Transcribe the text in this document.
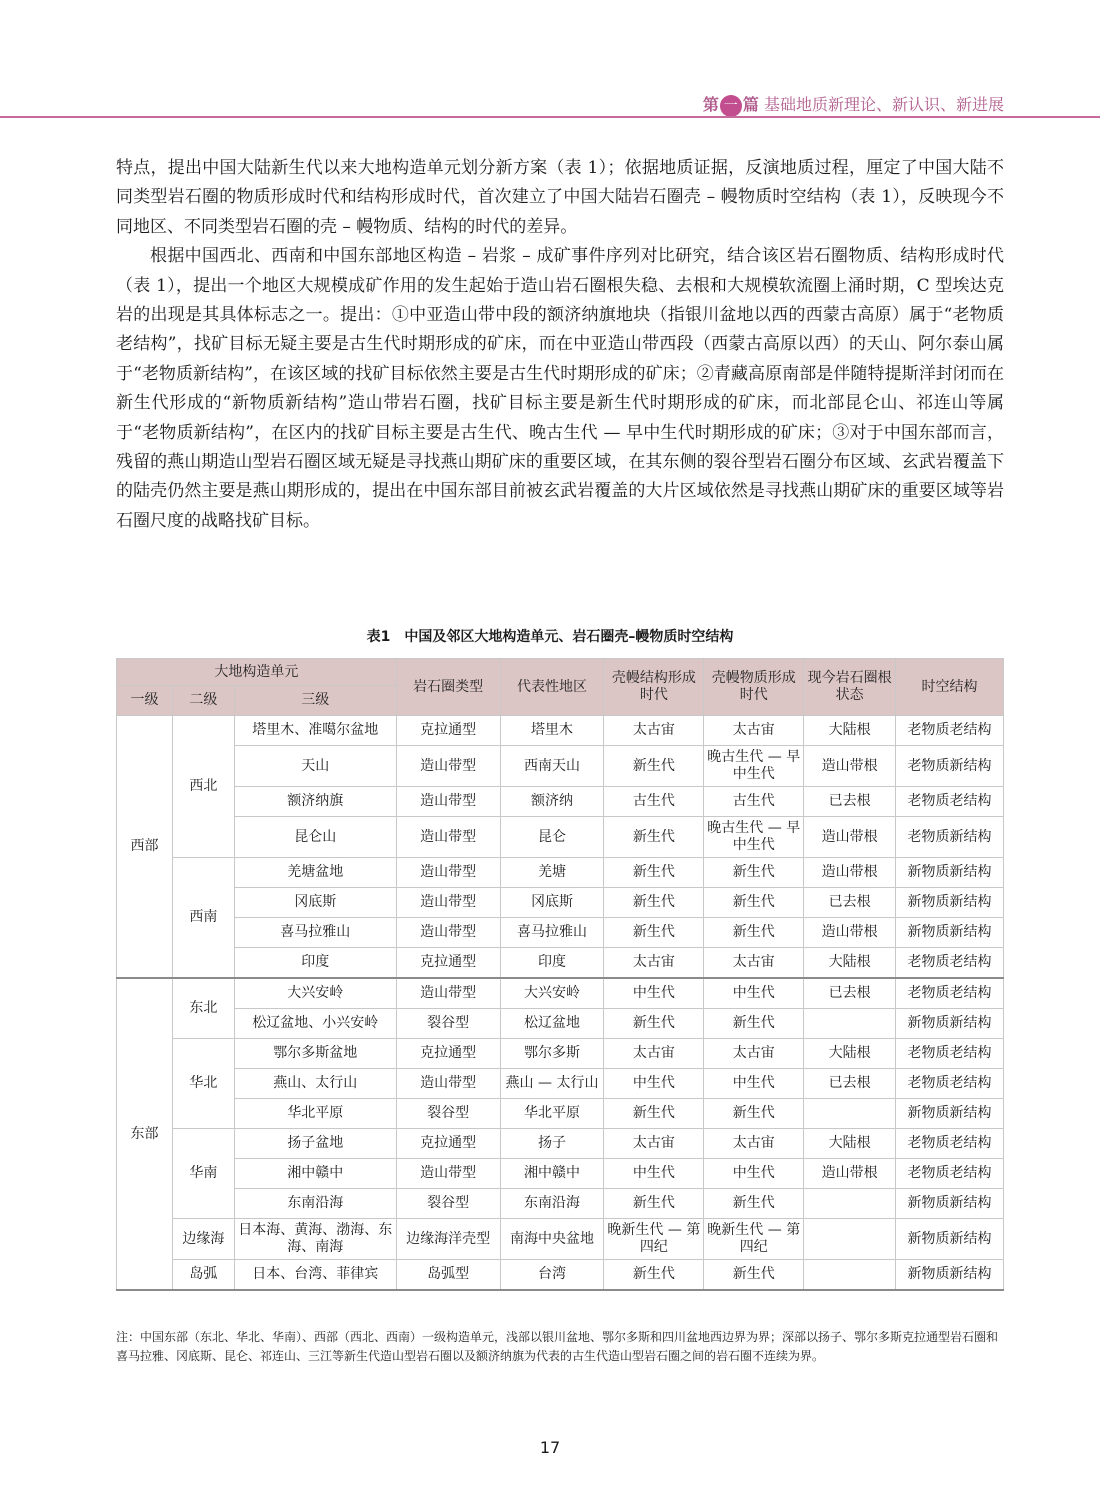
第 一 篇 基础地质新理论、新认识、新进展

特点，提出中国大陆新生代以来大地构造单元划分新方案（表 1）；依据地质证据，反演地质过程，厘定了中国大陆不同类型岩石圈的物质形成时代和结构形成时代，首次建立了中国大陆岩石圈壳 – 幔物质时空结构（表 1），反映现今不同地区、不同类型岩石圈的壳 – 幔物质、结构的时代的差异。

根据中国西北、西南和中国东部地区构造 – 岩浆 – 成矿事件序列对比研究，结合该区岩石圈物质、结构形成时代（表 1），提出一个地区大规模成矿作用的发生起始于造山岩石圈根失稳、去根和大规模软流圈上涌时期，C 型埃达克岩的出现是其具体标志之一。提出：①中亚造山带中段的额济纳旗地块（指银川盆地以西的西蒙古高原）属于“老物质老结构”，找矿目标无疑主要是古生代时期形成的矿床，而在中亚造山带西段（西蒙古高原以西）的天山、阿尔泰山属于“老物质新结构”，在该区域的找矿目标依然主要是古生代时期形成的矿床；②青藏高原南部是伴随特提斯洋封闭而在新生代形成的“新物质新结构”造山带岩石圈，找矿目标主要是新生代时期形成的矿床，而北部昆仑山、祁连山等属于“老物质新结构”，在区内的找矿目标主要是古生代、晚古生代 — 早中生代时期形成的矿床；③对于中国东部而言，残留的燕山期造山型岩石圈区域无疑是寻找燕山期矿床的重要区域，在其东侧的裂谷型岩石圈分布区域、玄武岩覆盖下的陆壳仍然主要是燕山期形成的，提出在中国东部目前被玄武岩覆盖的大片区域依然是寻找燕山期矿床的重要区域等岩石圈尺度的战略找矿目标。

表1　中国及邻区大地构造单元、岩石圈壳–幔物质时空结构
大地构造单元			岩石圈类型	代表性地区	壳幔结构形成时代	壳幔物质形成时代	现今岩石圈根状态	时空结构
一级	二级	三级						
西部	西北	塔里木、准噶尔盆地	克拉通型	塔里木	太古宙	太古宙	大陆根	老物质老结构
		天山	造山带型	西南天山	新生代	晚古生代 — 早中生代	造山带根	老物质新结构
		额济纳旗	造山带型	额济纳	古生代	古生代	已去根	老物质老结构
		昆仑山	造山带型	昆仑	新生代	晚古生代 — 早中生代	造山带根	老物质新结构
	西南	羌塘盆地	造山带型	羌塘	新生代	新生代	造山带根	新物质新结构
		冈底斯	造山带型	冈底斯	新生代	新生代	已去根	新物质新结构
		喜马拉雅山	造山带型	喜马拉雅山	新生代	新生代	造山带根	新物质新结构
		印度	克拉通型	印度	太古宙	太古宙	大陆根	老物质老结构
东部	东北	大兴安岭	造山带型	大兴安岭	中生代	中生代	已去根	老物质老结构
		松辽盆地、小兴安岭	裂谷型	松辽盆地	新生代	新生代		新物质新结构
	华北	鄂尔多斯盆地	克拉通型	鄂尔多斯	太古宙	太古宙	大陆根	老物质老结构
		燕山、太行山	造山带型	燕山 — 太行山	中生代	中生代	已去根	老物质老结构
		华北平原	裂谷型	华北平原	新生代	新生代		新物质新结构
	华南	扬子盆地	克拉通型	扬子	太古宙	太古宙	大陆根	老物质老结构
		湘中赣中	造山带型	湘中赣中	中生代	中生代	造山带根	老物质老结构
		东南沿海	裂谷型	东南沿海	新生代	新生代		新物质新结构
	边缘海	日本海、黄海、渤海、东海、南海	边缘海洋壳型	南海中央盆地	晚新生代 — 第四纪	晚新生代 — 第四纪		新物质新结构
	岛弧	日本、台湾、菲律宾	岛弧型	台湾	新生代	新生代		新物质新结构
注：中国东部（东北、华北、华南）、西部（西北、西南）一级构造单元，浅部以银川盆地、鄂尔多斯和四川盆地西边界为界；深部以扬子、鄂尔多斯克拉通型岩石圈和喜马拉雅、冈底斯、昆仑、祁连山、三江等新生代造山型岩石圈以及额济纳旗为代表的古生代造山型岩石圈之间的岩石圈不连续为界。
17
